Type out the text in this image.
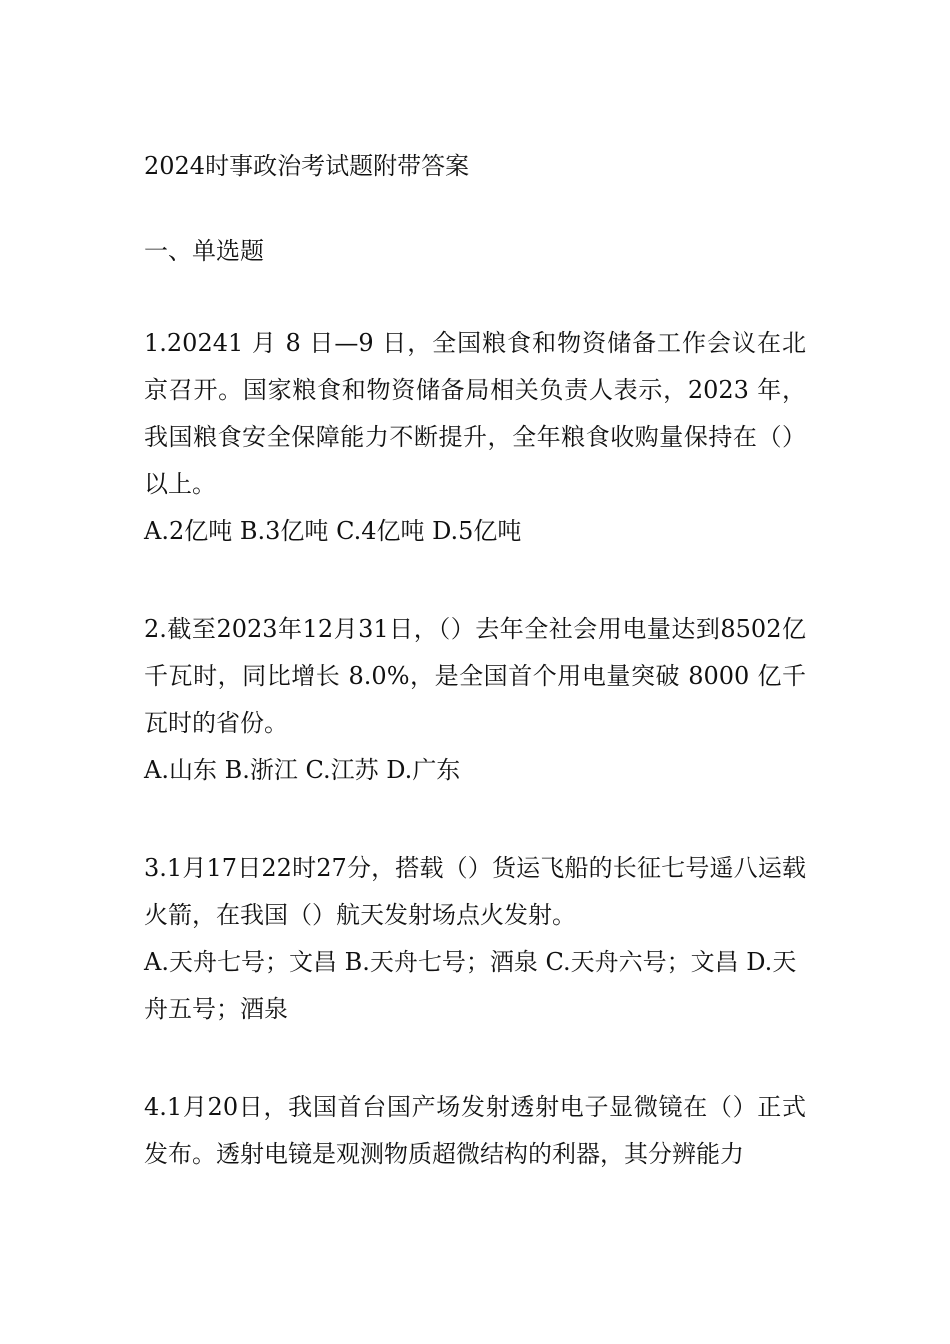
2024时事政治考试题附带答案

一、单选题

1.20241 月 8 日—9 日，全国粮食和物资储备工作会议在北京召开。国家粮食和物资储备局相关负责人表示，2023 年，我国粮食安全保障能力不断提升，全年粮食收购量保持在（）以上。

A.2亿吨 B.3亿吨 C.4亿吨 D.5亿吨

2.截至2023年12月31日，（）去年全社会用电量达到8502亿千瓦时，同比增长 8.0%，是全国首个用电量突破 8000 亿千瓦时的省份。

A.山东 B.浙江 C.江苏 D.广东

3.1月17日22时27分，搭载（）货运飞船的长征七号遥八运载火箭，在我国（）航天发射场点火发射。

A.天舟七号；文昌 B.天舟七号；酒泉 C.天舟六号；文昌 D.天舟五号；酒泉

4.1月20日，我国首台国产场发射透射电子显微镜在（）正式发布。透射电镜是观测物质超微结构的利器，其分辨能力
